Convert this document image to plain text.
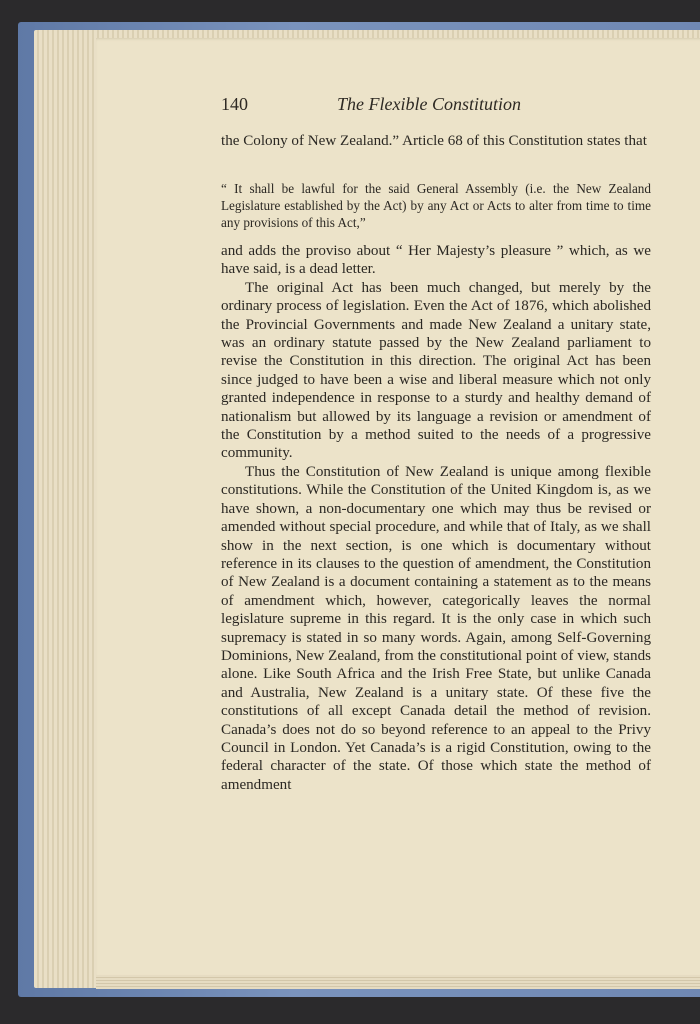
140	The Flexible Constitution
the Colony of New Zealand.” Article 68 of this Constitution states that
“ It shall be lawful for the said General Assembly (i.e. the New Zealand Legislature established by the Act) by any Act or Acts to alter from time to time any provisions of this Act,”

and adds the proviso about “ Her Majesty’s pleasure ” which, as we have said, is a dead letter.

The original Act has been much changed, but merely by the ordinary process of legislation. Even the Act of 1876, which abolished the Provincial Governments and made New Zealand a unitary state, was an ordinary statute passed by the New Zealand parliament to revise the Constitution in this direction. The original Act has been since judged to have been a wise and liberal measure which not only granted independence in response to a sturdy and healthy demand of nationalism but allowed by its language a revision or amendment of the Constitution by a method suited to the needs of a progressive community.

Thus the Constitution of New Zealand is unique among flexible constitutions. While the Constitution of the United Kingdom is, as we have shown, a non-documentary one which may thus be revised or amended without special procedure, and while that of Italy, as we shall show in the next section, is one which is documentary without reference in its clauses to the question of amendment, the Constitution of New Zealand is a document containing a statement as to the means of amendment which, however, categorically leaves the normal legislature supreme in this regard. It is the only case in which such supremacy is stated in so many words. Again, among Self-Governing Dominions, New Zealand, from the constitutional point of view, stands alone. Like South Africa and the Irish Free State, but unlike Canada and Australia, New Zealand is a unitary state. Of these five the constitutions of all except Canada detail the method of revision. Canada’s does not do so beyond reference to an appeal to the Privy Council in London. Yet Canada’s is a rigid Constitution, owing to the federal character of the state. Of those which state the method of amendment
